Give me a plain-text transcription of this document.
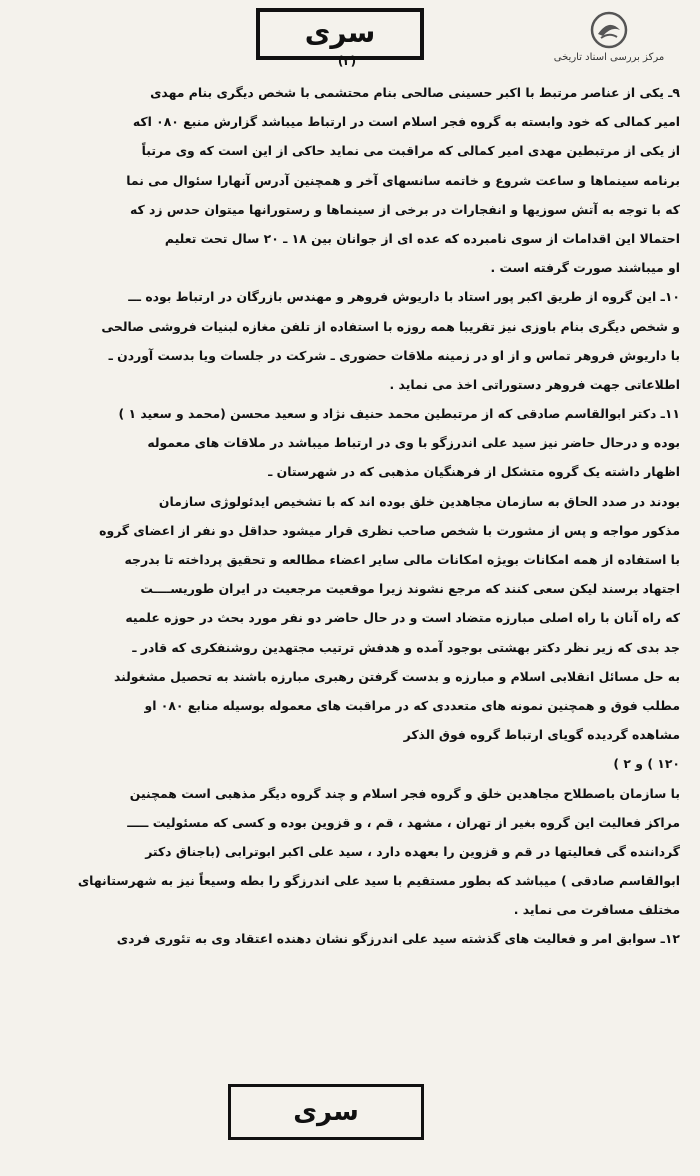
مرکز بررسی اسناد تاریخی
سری
(۳)
۹ـ یکی از عناصر مرتبط با اکبر حسینی صالحی بنام محتشمی با شخص دیگری بنام مهدی
امیر کمالی که خود وابسته به گروه فجر اسلام است در ارتباط میباشد گزارش منبع ۰۸۰ اکه
از یکی از مرتبطین مهدی امیر کمالی که مراقبت می نماید حاکی از این است که وی مرتباً
برنامه سینماها و ساعت شروع و خاتمه سانسهای آخر و همچنین آدرس آنهارا سئوال می نما
که با توجه به آتش سوزیها و انفجارات در برخی از سینماها و رستورانها میتوان حدس زد که
احتمالا این اقدامات از سوی نامبرده که عده ای از جوانان بین ۱۸ ـ ۲۰ سال تحت تعلیم
او میباشند صورت گرفته است .
۱۰ـ این گروه از طریق اکبر پور استاد با داریوش فروهر و مهندس بازرگان در ارتباط بوده ـــ
و شخص دیگری بنام باوزی نیز تقریبا همه روزه با استفاده از تلفن مغازه لبنیات فروشی صالحی
با داریوش فروهر تماس و از او در زمینه ملاقات حضوری ـ شرکت در جلسات ویا بدست آوردن ـ
اطلاعاتی جهت فروهر دستوراتی اخذ می نماید .
۱۱ـ دکتر ابوالقاسم صادقی که از مرتبطین محمد حنیف نژاد و سعید محسن (محمد و سعید ۱ )
بوده و درحال حاضر نیز سید علی اندرزگو با وی در ارتباط میباشد در ملاقات های معموله
اظهار داشته یک گروه متشکل از فرهنگیان مذهبی که در شهرستان ـ
بودند در صدد الحاق به سازمان مجاهدین خلق بوده اند که با تشخیص ایدئولوژی سازمان
مذکور مواجه و پس از مشورت با شخص صاحب نظری قرار میشود حداقل دو نفر از اعضای گروه
با استفاده از همه امکانات بویژه امکانات مالی سایر اعضاء مطالعه و تحقیق پرداخته تا بدرجه
اجتهاد برسند لیکن سعی کنند که مرجع نشوند زیرا موقعیت مرجعیت در ایران طوریســــت
که راه آنان با راه اصلی مبارزه متضاد است و در حال حاضر دو نفر مورد بحث در حوزه علمیه
جد بدی که زیر نظر دکتر بهشتی بوجود آمده و هدفش ترتیب مجتهدین روشنفکری که قادر ـ
به حل مسائل انقلابی اسلام و مبارزه و بدست گرفتن رهبری مبارزه باشند به تحصیل مشغولند
مطلب فوق و همچنین نمونه های متعددی که در مراقبت های معموله بوسیله منابع ۰۸۰ او
مشاهده گردیده گویای ارتباط گروه فوق الذکر
۱۲۰ ) و ۲ )
با سازمان باصطلاح مجاهدین خلق و گروه فجر اسلام و چند گروه دیگر مذهبی است همچنین
مراکز فعالیت این گروه بغیر از تهران ، مشهد ، قم ، و قزوین بوده و کسی که مسئولیت ـــــ
گرداننده گی فعالیتها در قم و قزوین را بعهده دارد ، سید علی اکبر ابوترابی (باجناق دکتر
ابوالقاسم صادقی ) میباشد که بطور مستقیم با سید علی اندرزگو را بطه وسیعاً نیز به شهرستانهای
مختلف مسافرت می نماید .
۱۲ـ سوابق امر و فعالیت های گذشته سید علی اندرزگو نشان دهنده اعتقاد وی به تئوری فردی
سری
